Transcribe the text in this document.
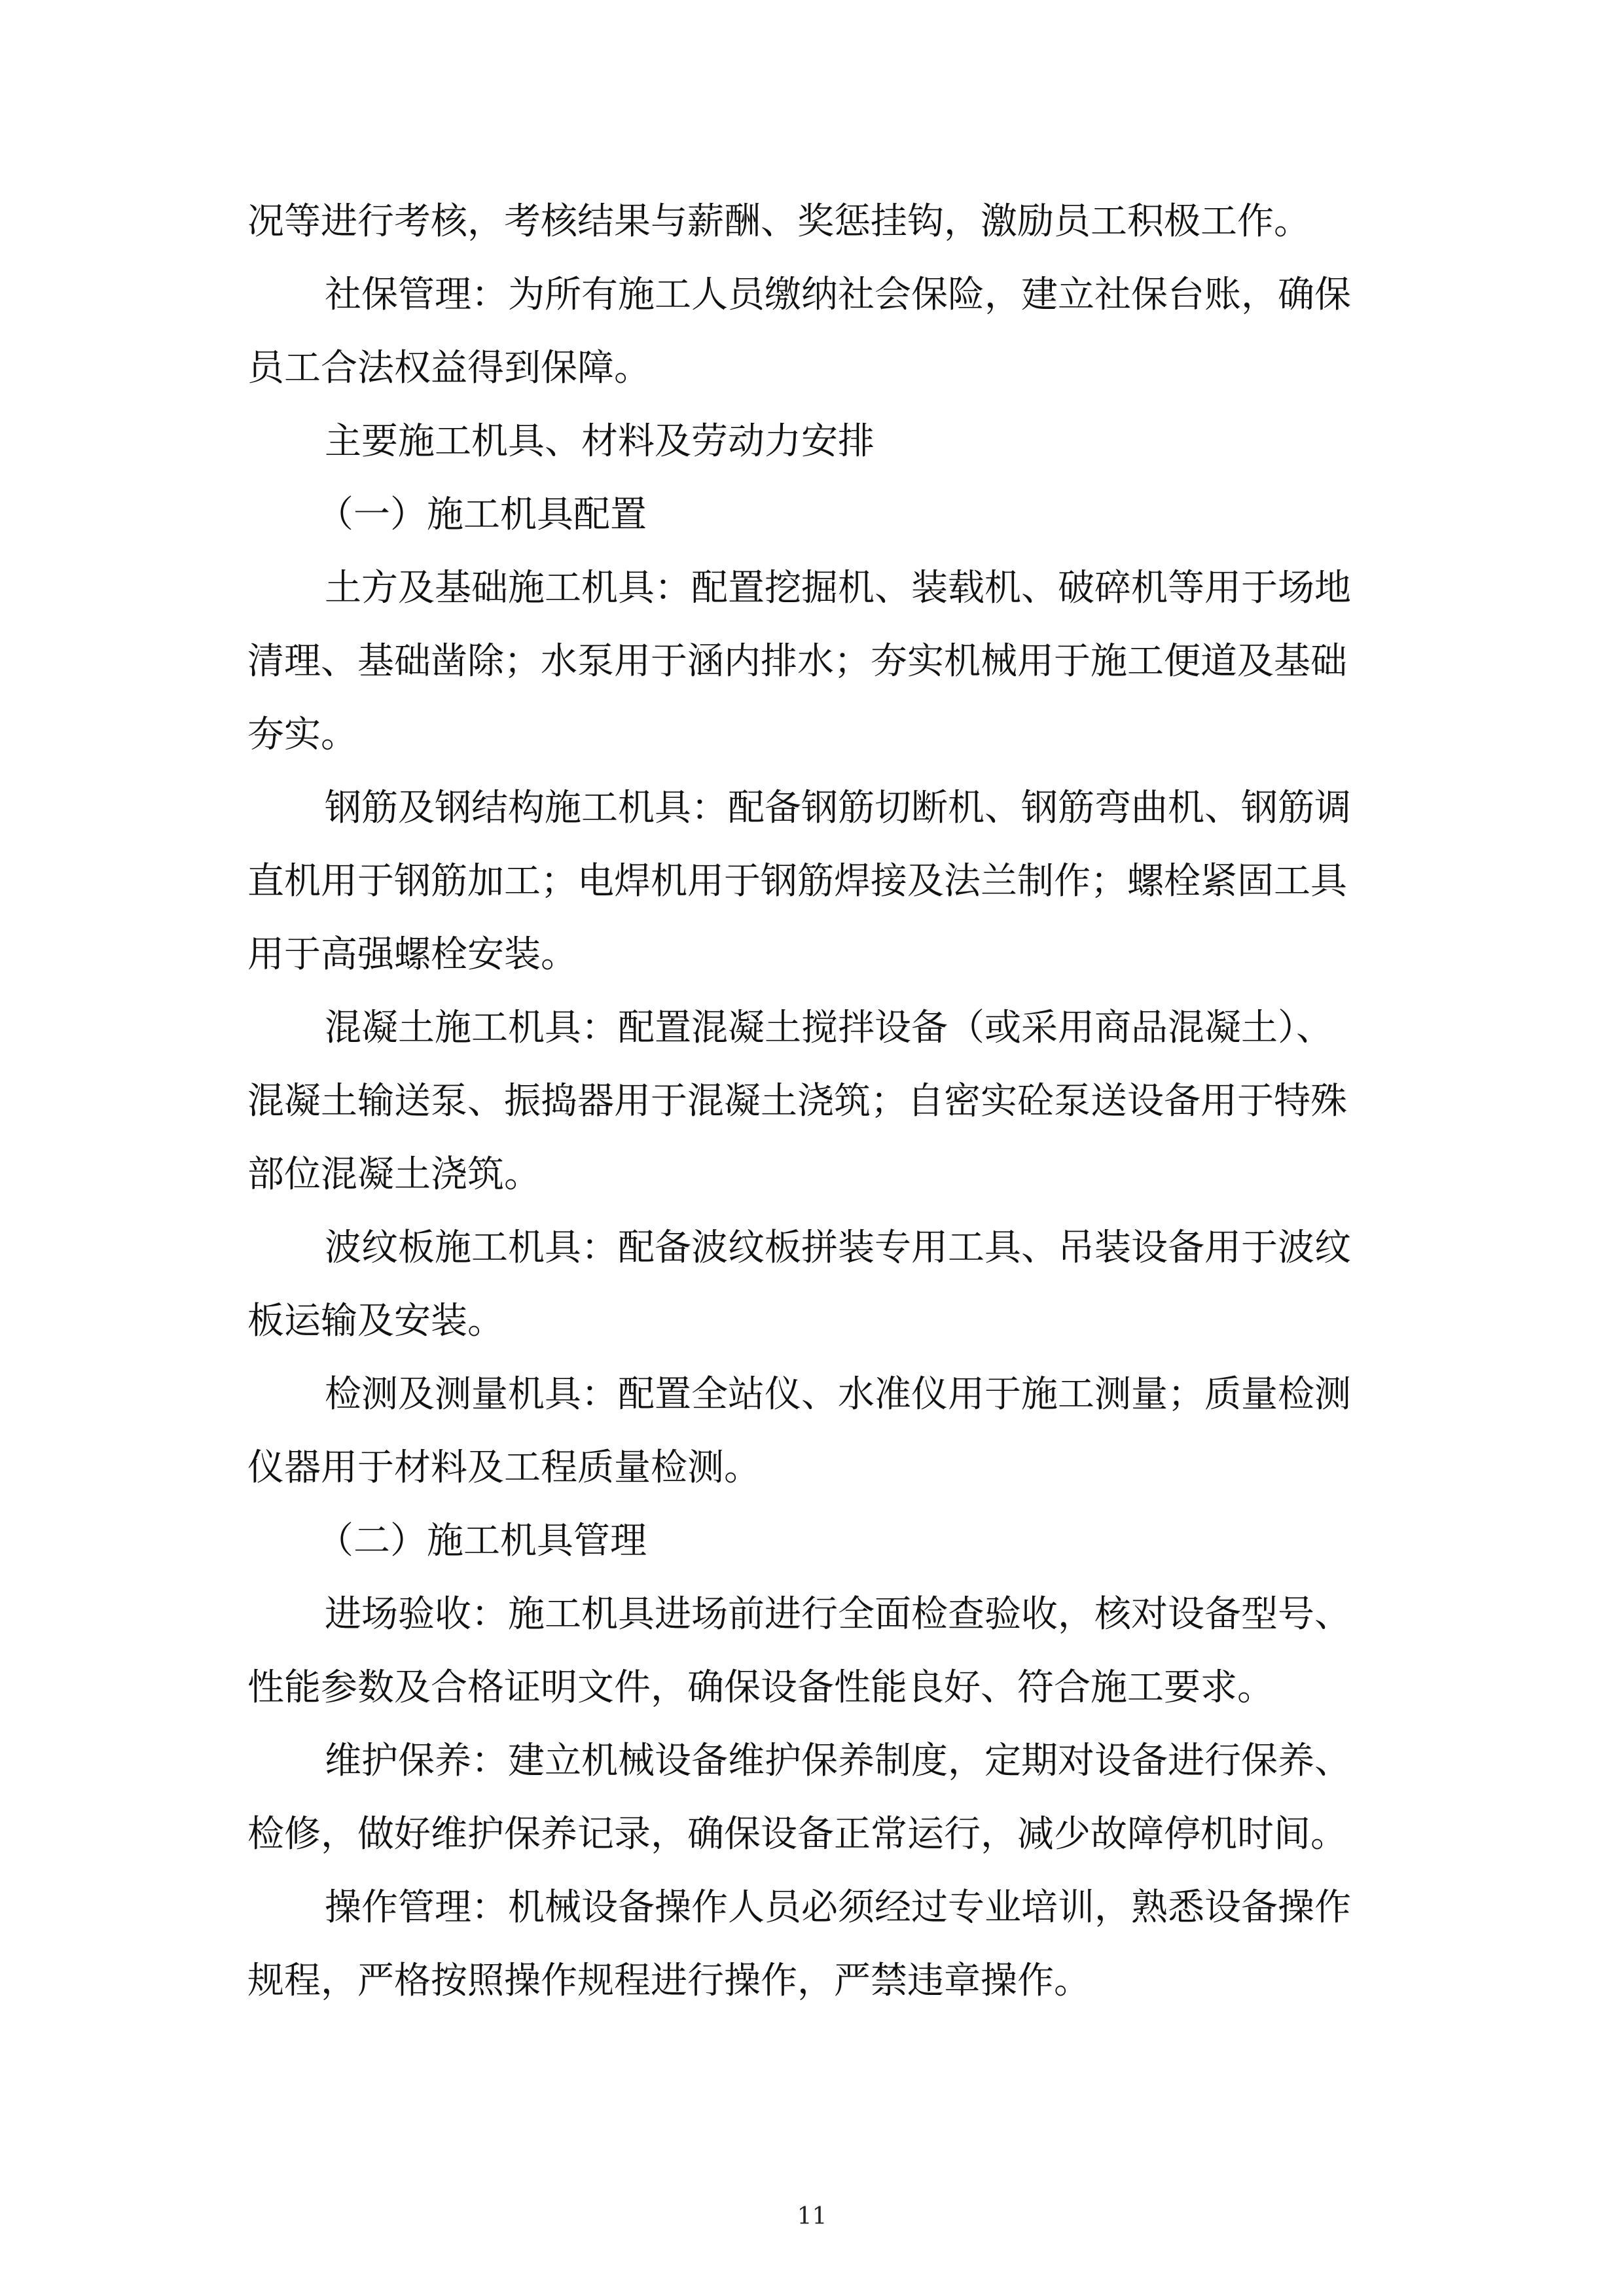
况等进行考核，考核结果与薪酬、奖惩挂钩，激励员工积极工作。
社保管理：为所有施工人员缴纳社会保险，建立社保台账，确保
员工合法权益得到保障。
主要施工机具、材料及劳动力安排
（一）施工机具配置
土方及基础施工机具：配置挖掘机、装载机、破碎机等用于场地
清理、基础凿除；水泵用于涵内排水；夯实机械用于施工便道及基础
夯实。
钢筋及钢结构施工机具：配备钢筋切断机、钢筋弯曲机、钢筋调
直机用于钢筋加工；电焊机用于钢筋焊接及法兰制作；螺栓紧固工具
用于高强螺栓安装。
混凝土施工机具：配置混凝土搅拌设备（或采用商品混凝土）、
混凝土输送泵、振捣器用于混凝土浇筑；自密实砼泵送设备用于特殊
部位混凝土浇筑。
波纹板施工机具：配备波纹板拼装专用工具、吊装设备用于波纹
板运输及安装。
检测及测量机具：配置全站仪、水准仪用于施工测量；质量检测
仪器用于材料及工程质量检测。
（二）施工机具管理
进场验收：施工机具进场前进行全面检查验收，核对设备型号、
性能参数及合格证明文件，确保设备性能良好、符合施工要求。
维护保养：建立机械设备维护保养制度，定期对设备进行保养、
检修，做好维护保养记录，确保设备正常运行，减少故障停机时间。
操作管理：机械设备操作人员必须经过专业培训，熟悉设备操作
规程，严格按照操作规程进行操作，严禁违章操作。
11
